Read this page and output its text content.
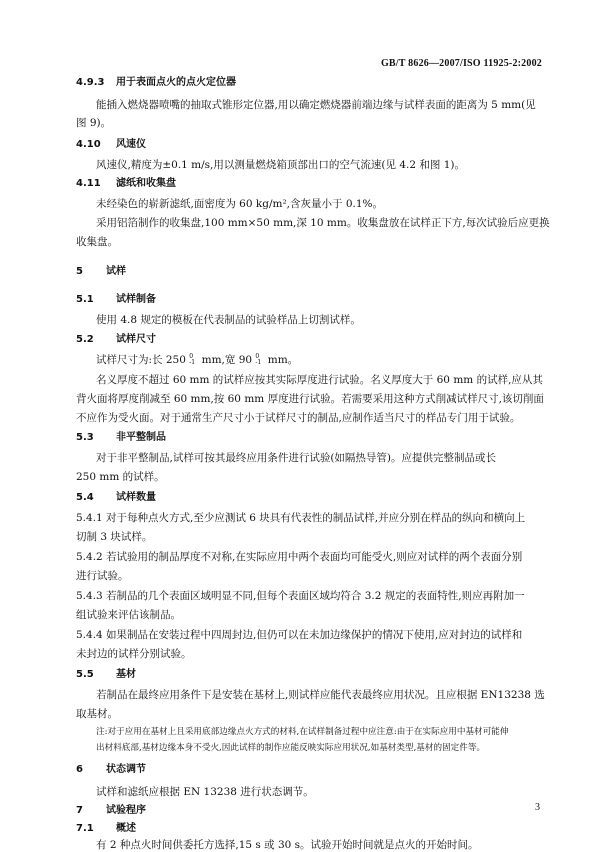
GB/T 8626—2007/ISO 11925-2:2002
4.9.3 用于表面点火的点火定位器
能插入燃烧器喷嘴的抽取式锥形定位器,用以确定燃烧器前端边缘与试样表面的距离为 5 mm(见
图 9)。
4.10 风速仪
风速仪,精度为±0.1 m/s,用以测量燃烧箱顶部出口的空气流速(见 4.2 和图 1)。
4.11 滤纸和收集盘
未经染色的崭新滤纸,面密度为 60 kg/m²,含灰量小于 0.1%。
采用铝箔制作的收集盘,100 mm×50 mm,深 10 mm。收集盘放在试样正下方,每次试验后应更换
收集盘。
5 试样
5.1 试样制备
使用 4.8 规定的模板在代表制品的试验样品上切割试样。
5.2 试样尺寸
试样尺寸为:长 250 0
-1 mm,宽 90 0
-1 mm。
名义厚度不超过 60 mm 的试样应按其实际厚度进行试验。名义厚度大于 60 mm 的试样,应从其
背火面将厚度削减至 60 mm,按 60 mm 厚度进行试验。若需要采用这种方式削减试样尺寸,该切削面
不应作为受火面。对于通常生产尺寸小于试样尺寸的制品,应制作适当尺寸的样品专门用于试验。
5.3 非平整制品
对于非平整制品,试样可按其最终应用条件进行试验(如隔热导管)。应提供完整制品或长
250 mm 的试样。
5.4 试样数量
5.4.1 对于每种点火方式,至少应测试 6 块具有代表性的制品试样,并应分别在样品的纵向和横向上
切制 3 块试样。
5.4.2 若试验用的制品厚度不对称,在实际应用中两个表面均可能受火,则应对试样的两个表面分别
进行试验。
5.4.3 若制品的几个表面区域明显不同,但每个表面区域均符合 3.2 规定的表面特性,则应再附加一
组试验来评估该制品。
5.4.4 如果制品在安装过程中四周封边,但仍可以在未加边缘保护的情况下使用,应对封边的试样和
未封边的试样分别试验。
5.5 基材
若制品在最终应用条件下是安装在基材上,则试样应能代表最终应用状况。且应根据 EN13238 选
取基材。
注:对于应用在基材上且采用底部边缘点火方式的材料,在试样制备过程中应注意:由于在实际应用中基材可能伸
出材料底部,基材边缘本身不受火,因此试样的制作应能反映实际应用状况,如基材类型,基材的固定件等。
6 状态调节
试样和滤纸应根据 EN 13238 进行状态调节。
7 试验程序
7.1 概述
有 2 种点火时间供委托方选择,15 s 或 30 s。试验开始时间就是点火的开始时间。
3
